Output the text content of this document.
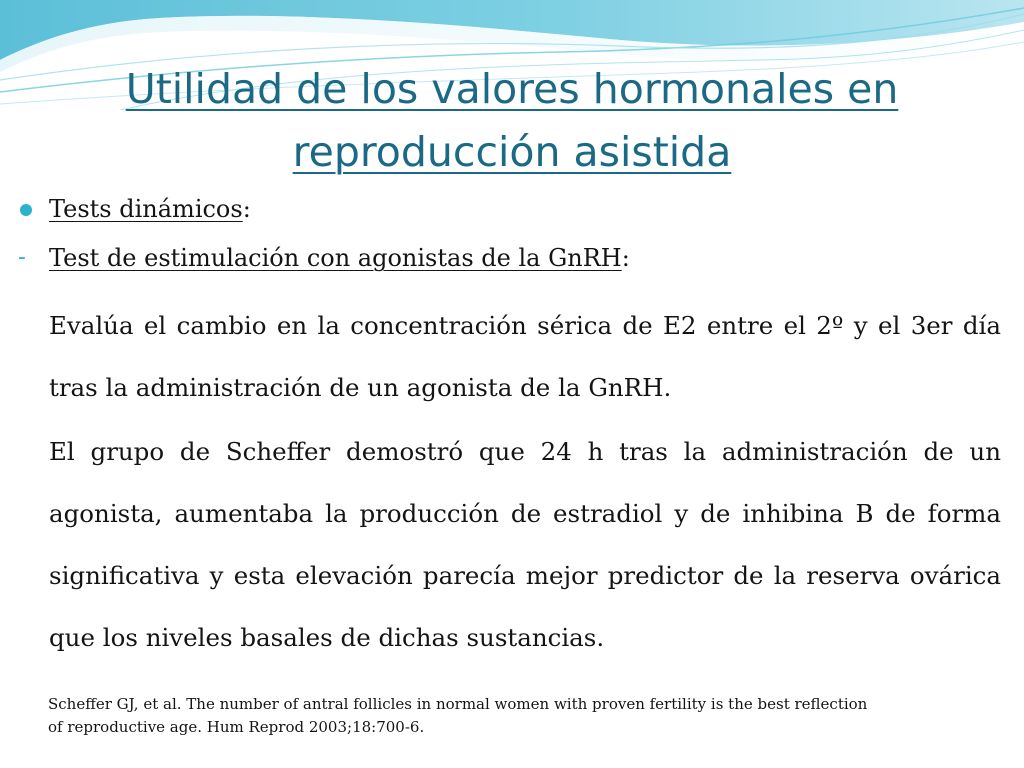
Utilidad de los valores hormonales en
reproducción asistida
Tests dinámicos:
- Test de estimulación con agonistas de la GnRH:

Evalúa el cambio en la concentración sérica de E2 entre el 2º y el 3er día tras la administración de un agonista de la GnRH.

El grupo de Scheffer demostró que 24 h tras la administración de un agonista, aumentaba la producción de estradiol y de inhibina B de forma significativa y esta elevación parecía mejor predictor de la reserva ovárica que los niveles basales de dichas sustancias.

Scheffer GJ, et al. The number of antral follicles in normal women with proven fertility is the best reflection
of reproductive age. Hum Reprod 2003;18:700-6.
